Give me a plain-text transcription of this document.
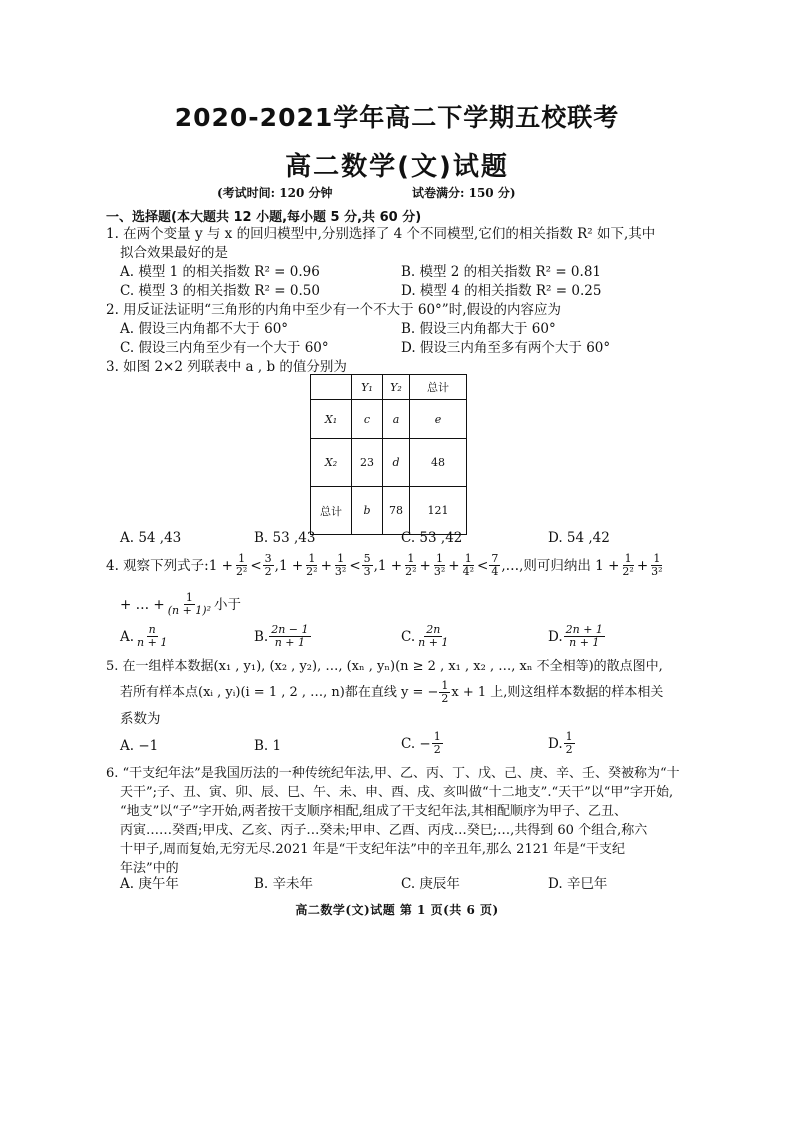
2020-2021学年高二下学期五校联考
高二数学(文)试题
(考试时间: 120 分钟	试卷满分: 150 分)
一、选择题(本大题共 12 小题,每小题 5 分,共 60 分)
1. 在两个变量 y 与 x 的回归模型中,分别选择了 4 个不同模型,它们的相关指数 R² 如下,其中
拟合效果最好的是
A. 模型 1 的相关指数 R² = 0.96	B. 模型 2 的相关指数 R² = 0.81
C. 模型 3 的相关指数 R² = 0.50	D. 模型 4 的相关指数 R² = 0.25
2. 用反证法证明“三角形的内角中至少有一个不大于 60°”时,假设的内容应为
A. 假设三内角都不大于 60°	B. 假设三内角都大于 60°
C. 假设三内角至少有一个大于 60°	D. 假设三内角至多有两个大于 60°
3. 如图 2×2 列联表中 a , b 的值分别为
	Y₁	Y₂	总计
X₁	c	a	e
X₂	23	d	48
总计	b	78	121
A. 54 ,43	B. 53 ,43	C. 53 ,42	D. 54 ,42
4. 观察下列式子: $1 + \frac{1}{\text{2²}} < \frac{3}{2} ,1 + \frac{1}{\text{2²}} + \frac{1}{\text{3²}} < \frac{5}{3} ,1 + \frac{1}{\text{2²}} + \frac{1}{\text{3²}} + \frac{1}{\text{4²}} < \frac{7}{4}$ ,…,则可归纳出 $1 + \frac{1}{\text{2²}} + \frac{1}{\text{3²}}$
+ … + $\frac{1}{\text{(n + 1)²}}$ 小于
A. $\frac{n}{n + 1}$	B. $\frac{2n - 1}{n + 1}$	C. $\frac{2n}{n + 1}$	D. $\frac{2n + 1}{n + 1}$
5. 在一组样本数据(x₁ , y₁), (x₂ , y₂), …, (xₙ , yₙ)(n ≥ 2 , x₁ , x₂ , …, xₙ 不全相等)的散点图中,
若所有样本点(xᵢ , yᵢ)(i = 1 , 2 , …, n)都在直线 y = − $\frac{1}{2}$ x + 1 上,则这组样本数据的样本相关
系数为
A. −1	B. 1	C. − $\frac{1}{2}$	D. $\frac{1}{2}$
6. “干支纪年法”是我国历法的一种传统纪年法,甲、乙、丙、丁、戊、己、庚、辛、壬、癸被称为“十
天干”;子、丑、寅、卯、辰、巳、午、未、申、酉、戌、亥叫做“十二地支”.“天干”以“甲”字开始,
“地支”以“子”字开始,两者按干支顺序相配,组成了干支纪年法,其相配顺序为甲子、乙丑、
丙寅……癸酉;甲戌、乙亥、丙子…癸未;甲申、乙酉、丙戌…癸巳;…,共得到 60 个组合,称六
十甲子,周而复始,无穷无尽.2021 年是“干支纪年法”中的辛丑年,那么 2121 年是“干支纪
年法”中的
A. 庚午年	B. 辛未年	C. 庚辰年	D. 辛巳年
高二数学(文)试题 第 1 页(共 6 页)
